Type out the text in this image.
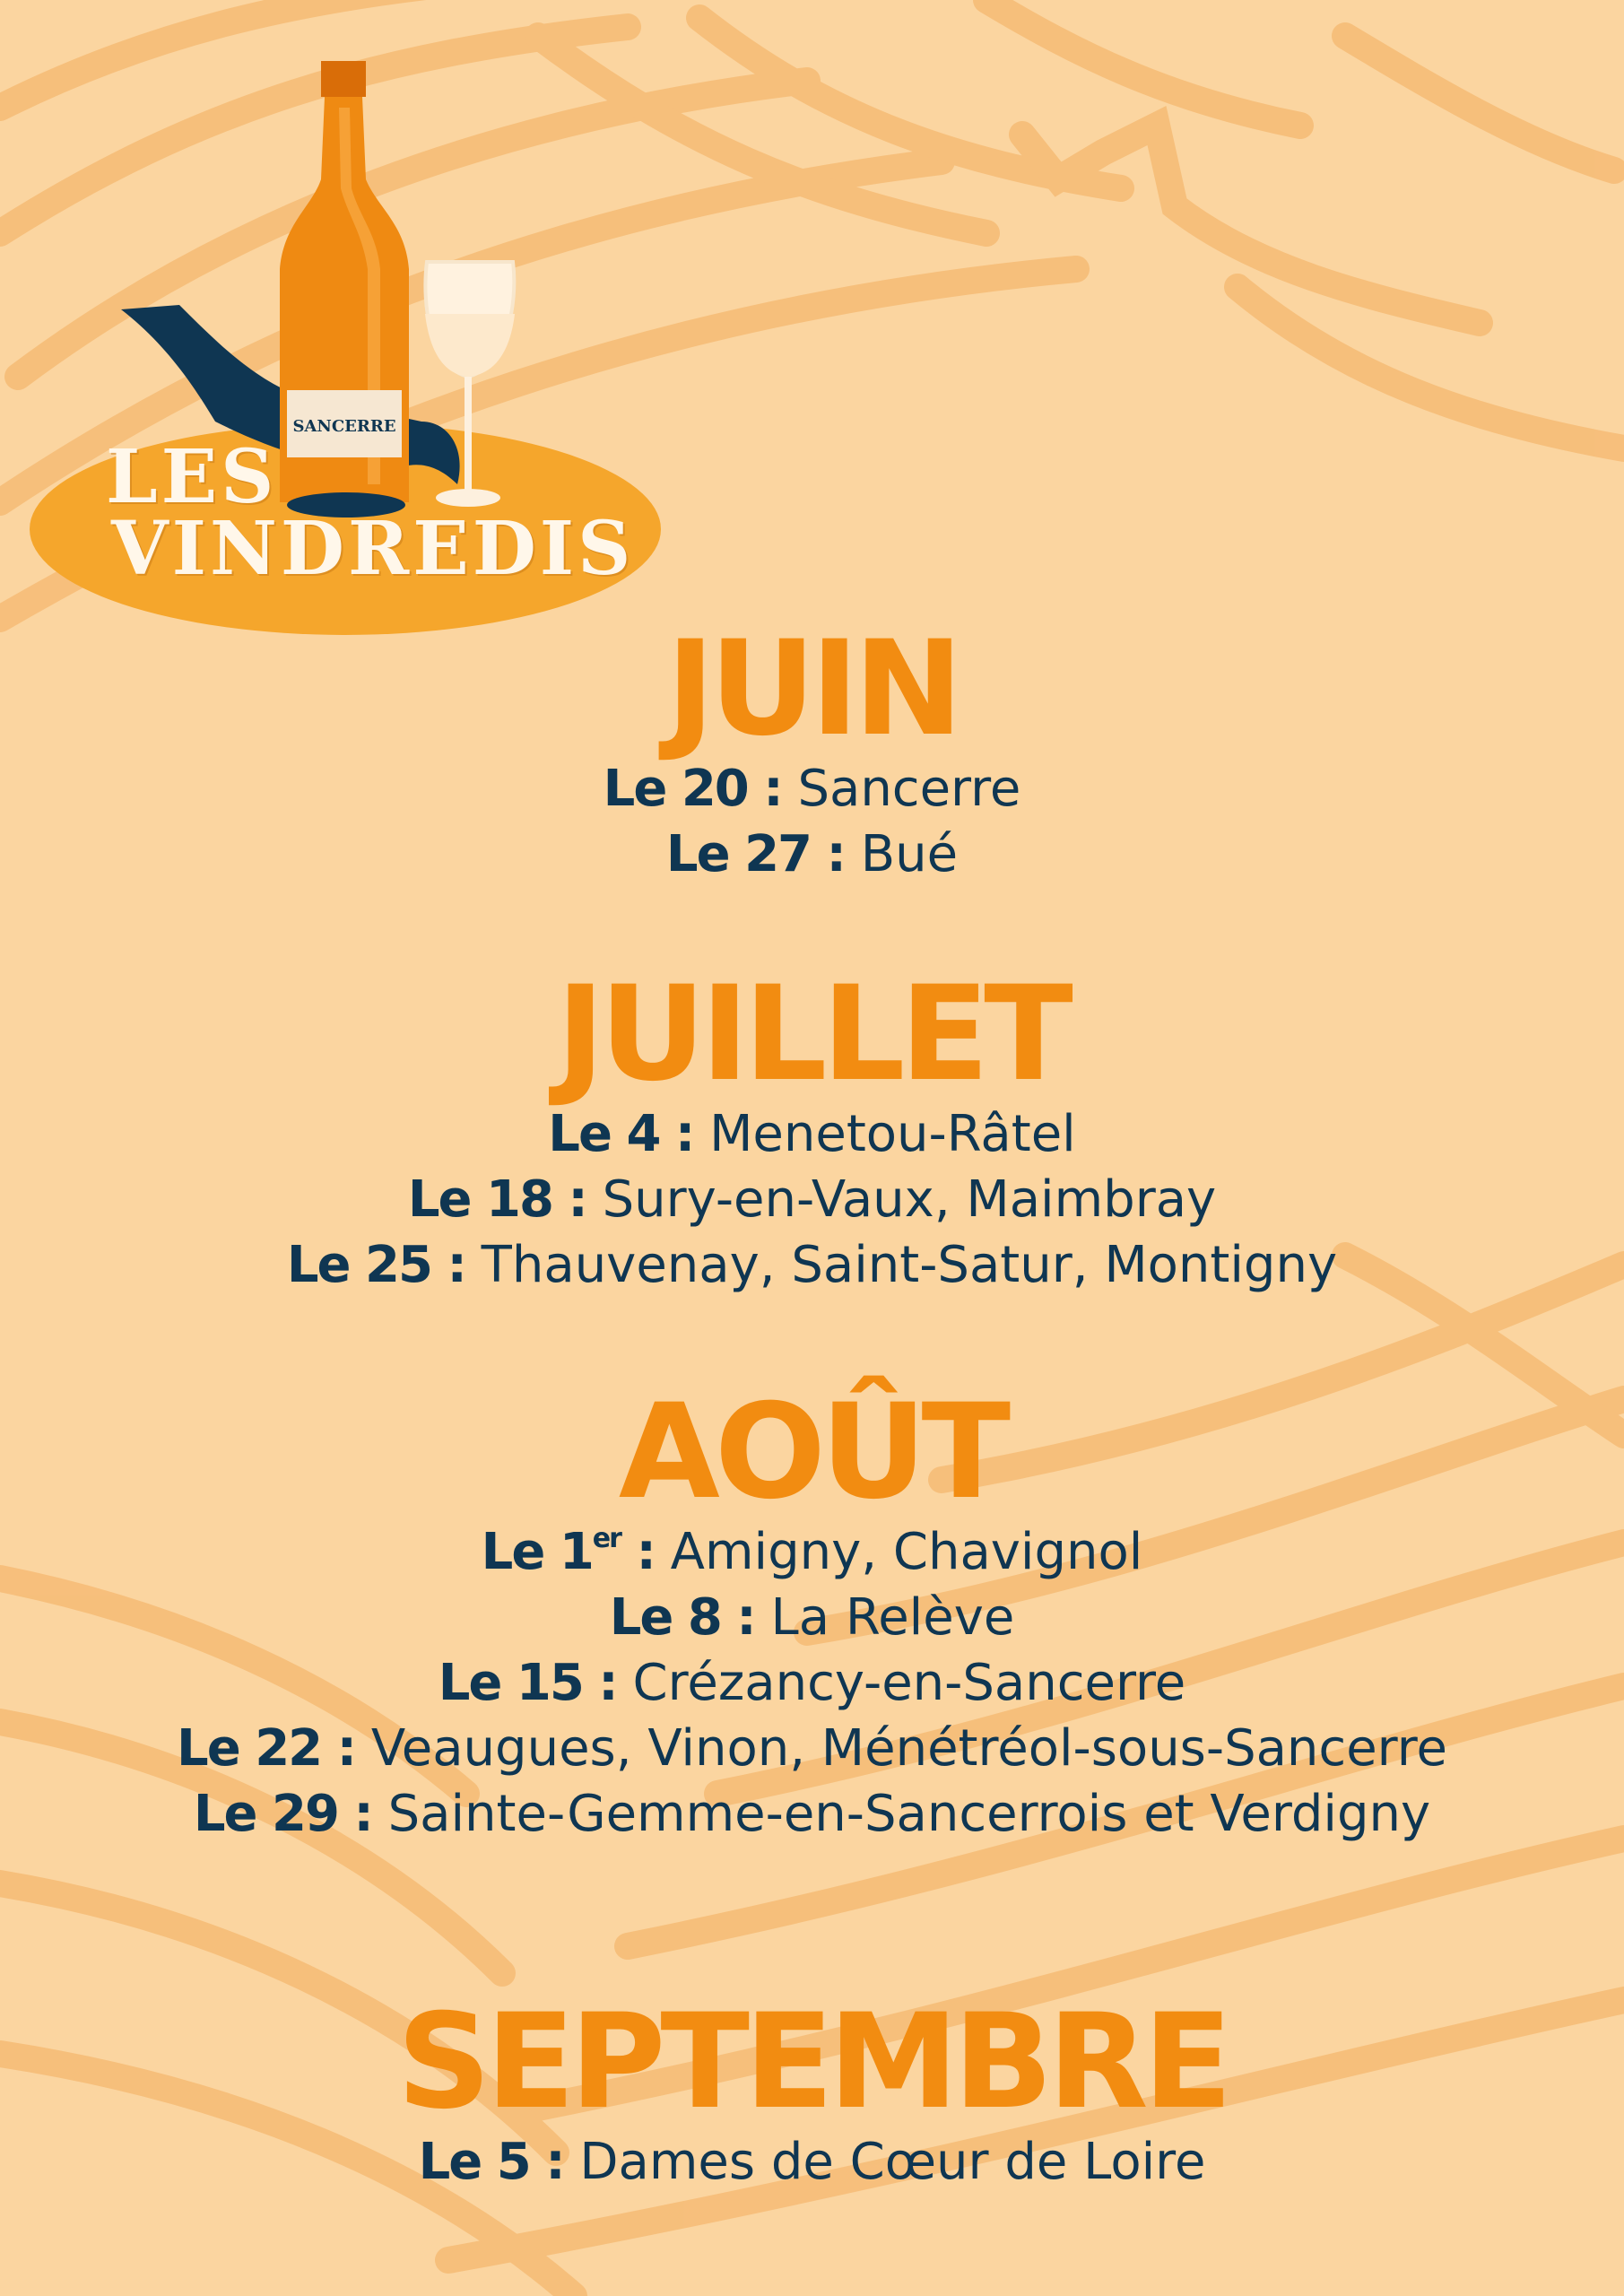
SANCERRE
LES
VINDREDIS
JUIN
Le 20 : Sancerre
Le 27 : Bué
JUILLET
Le 4 : Menetou-Râtel
Le 18 : Sury-en-Vaux, Maimbray
Le 25 : Thauvenay, Saint-Satur, Montigny
AOÛT
Le 1er : Amigny, Chavignol
Le 8 : La Relève
Le 15 : Crézancy-en-Sancerre
Le 22 : Veaugues, Vinon, Ménétréol-sous-Sancerre
Le 29 : Sainte-Gemme-en-Sancerrois et Verdigny
SEPTEMBRE
Le 5 : Dames de Cœur de Loire
